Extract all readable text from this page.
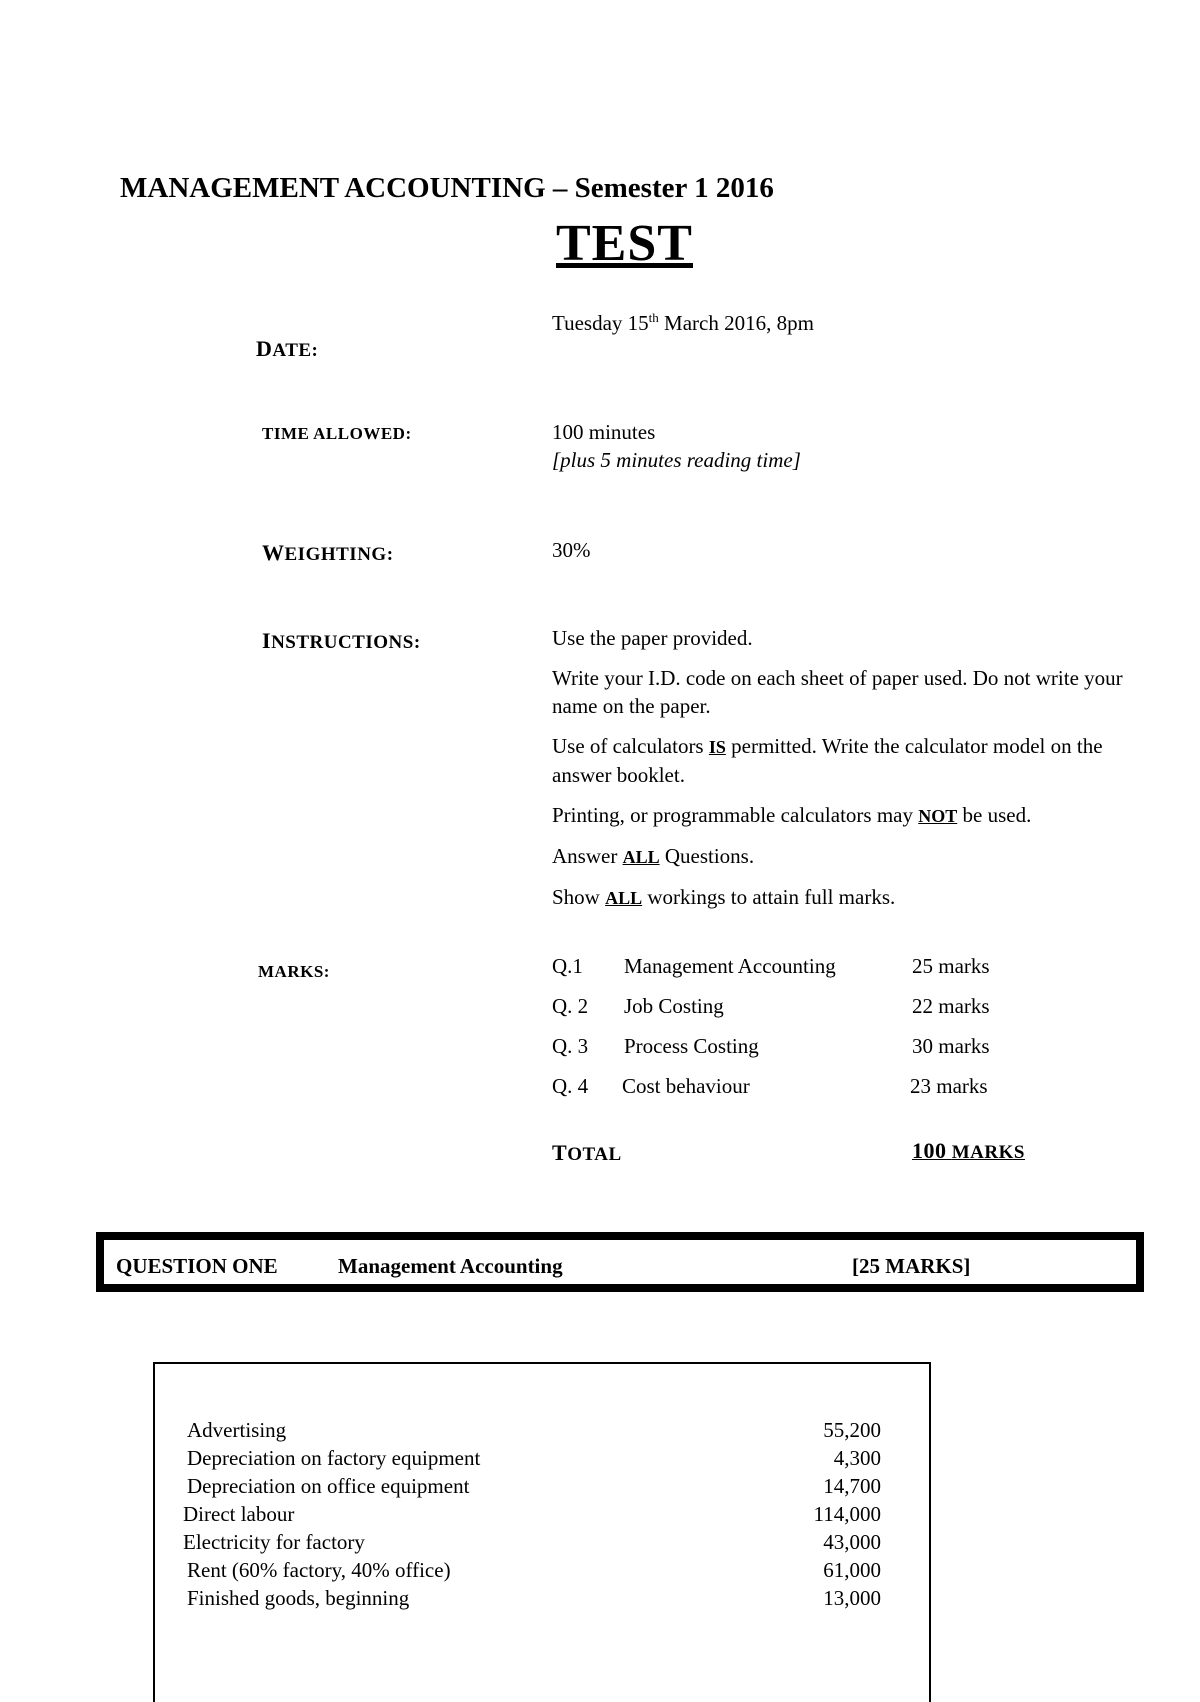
MANAGEMENT ACCOUNTING – Semester 1 2016
TEST
DATE:
Tuesday 15th March 2016, 8pm
TIME ALLOWED:	100 minutes
[plus 5 minutes reading time]
WEIGHTING:	30%
INSTRUCTIONS:	Use the paper provided.

Write your I.D. code on each sheet of paper used. Do not write your name on the paper.

Use of calculators IS permitted. Write the calculator model on the answer booklet.

Printing, or programmable calculators may NOT be used.

Answer ALL Questions.

Show ALL workings to attain full marks.

MARKS:	Q.1 Management Accounting	25 marks
Q. 2 Job Costing	22 marks
Q. 3 Process Costing	30 marks
Q. 4 Cost behaviour	23 marks
TOTAL	100 MARKS
QUESTION ONE	Management Accounting	[25 MARKS]
Advertising	55,200
Depreciation on factory equipment	4,300
Depreciation on office equipment	14,700
Direct labour	114,000
Electricity for factory	43,000
Rent (60% factory, 40% office)	61,000
Finished goods, beginning	13,000
